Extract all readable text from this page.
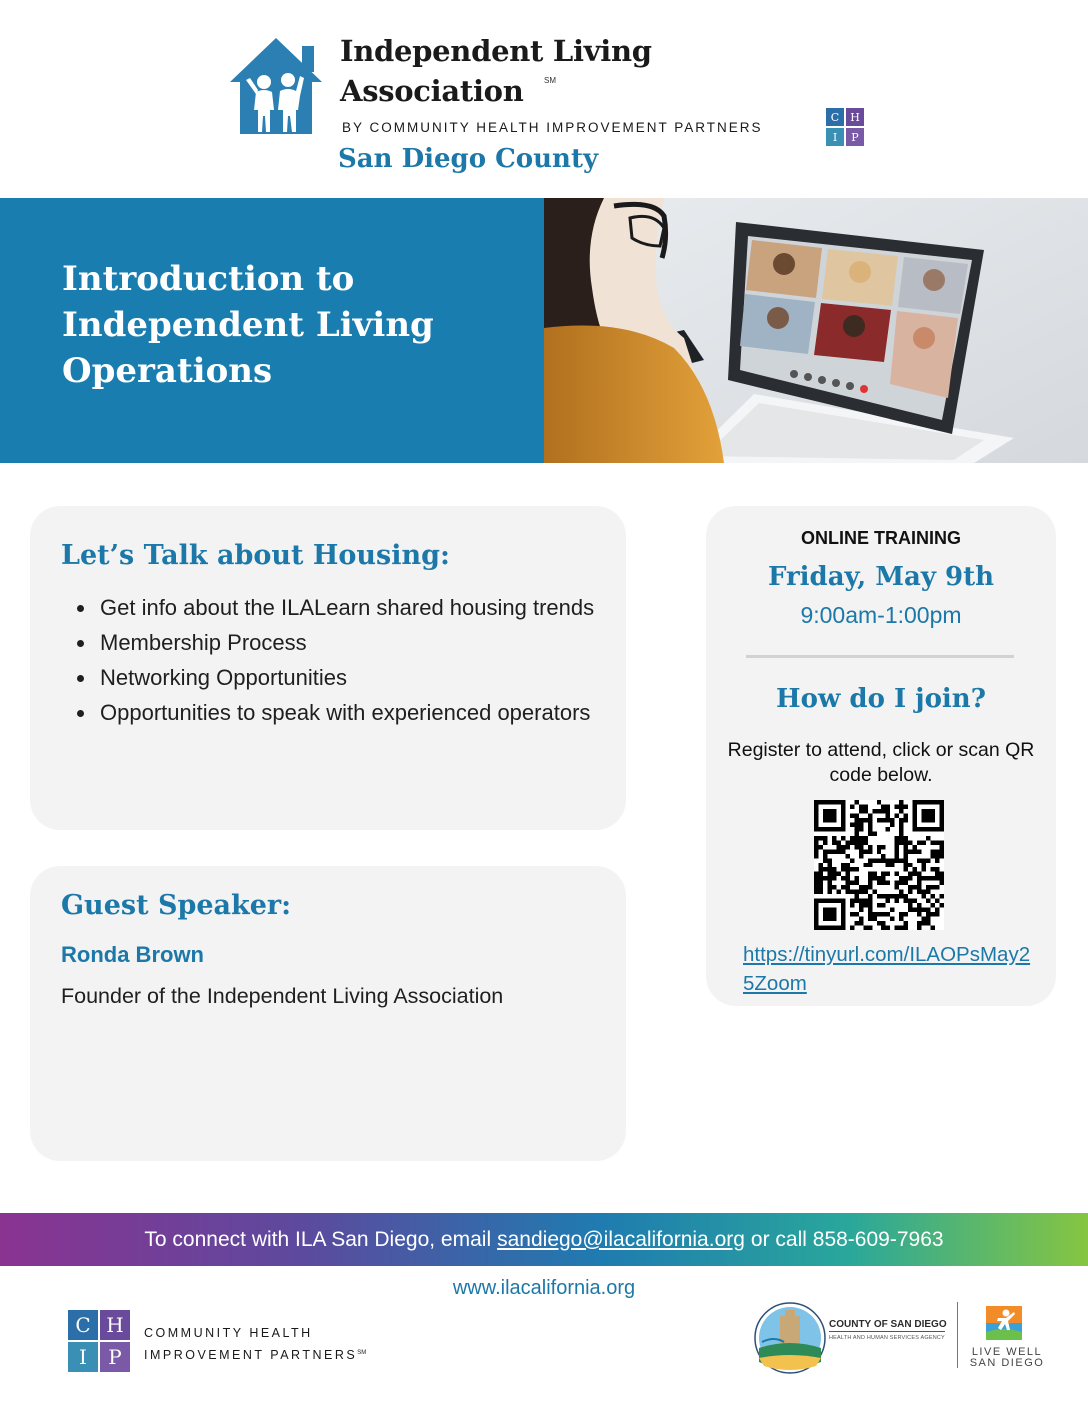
Independent Living
Association	SM
BY COMMUNITY HEALTH IMPROVEMENT PARTNERS
C	H
I	P
San Diego County
Introduction to Independent Living Operations
Let’s Talk about Housing:
Get info about the ILALearn shared housing trends
Membership Process
Networking Opportunities
Opportunities to speak with experienced operators
Guest Speaker:
Ronda Brown
Founder of the Independent Living Association
ONLINE TRAINING
Friday, May 9th
9:00am-1:00pm
How do I join?
Register to attend, click or scan QR code below.
https://tinyurl.com/ILAOPsMay25Zoom
To connect with ILA San Diego, email sandiego@ilacalifornia.org or call 858-609-7963
www.ilacalifornia.org
C H
I	P
COMMUNITY HEALTH
IMPROVEMENT PARTNERS℠
COUNTY OF SAN DIEGO
HEALTH AND HUMAN SERVICES AGENCY
LIVE WELL
SAN DIEGO
